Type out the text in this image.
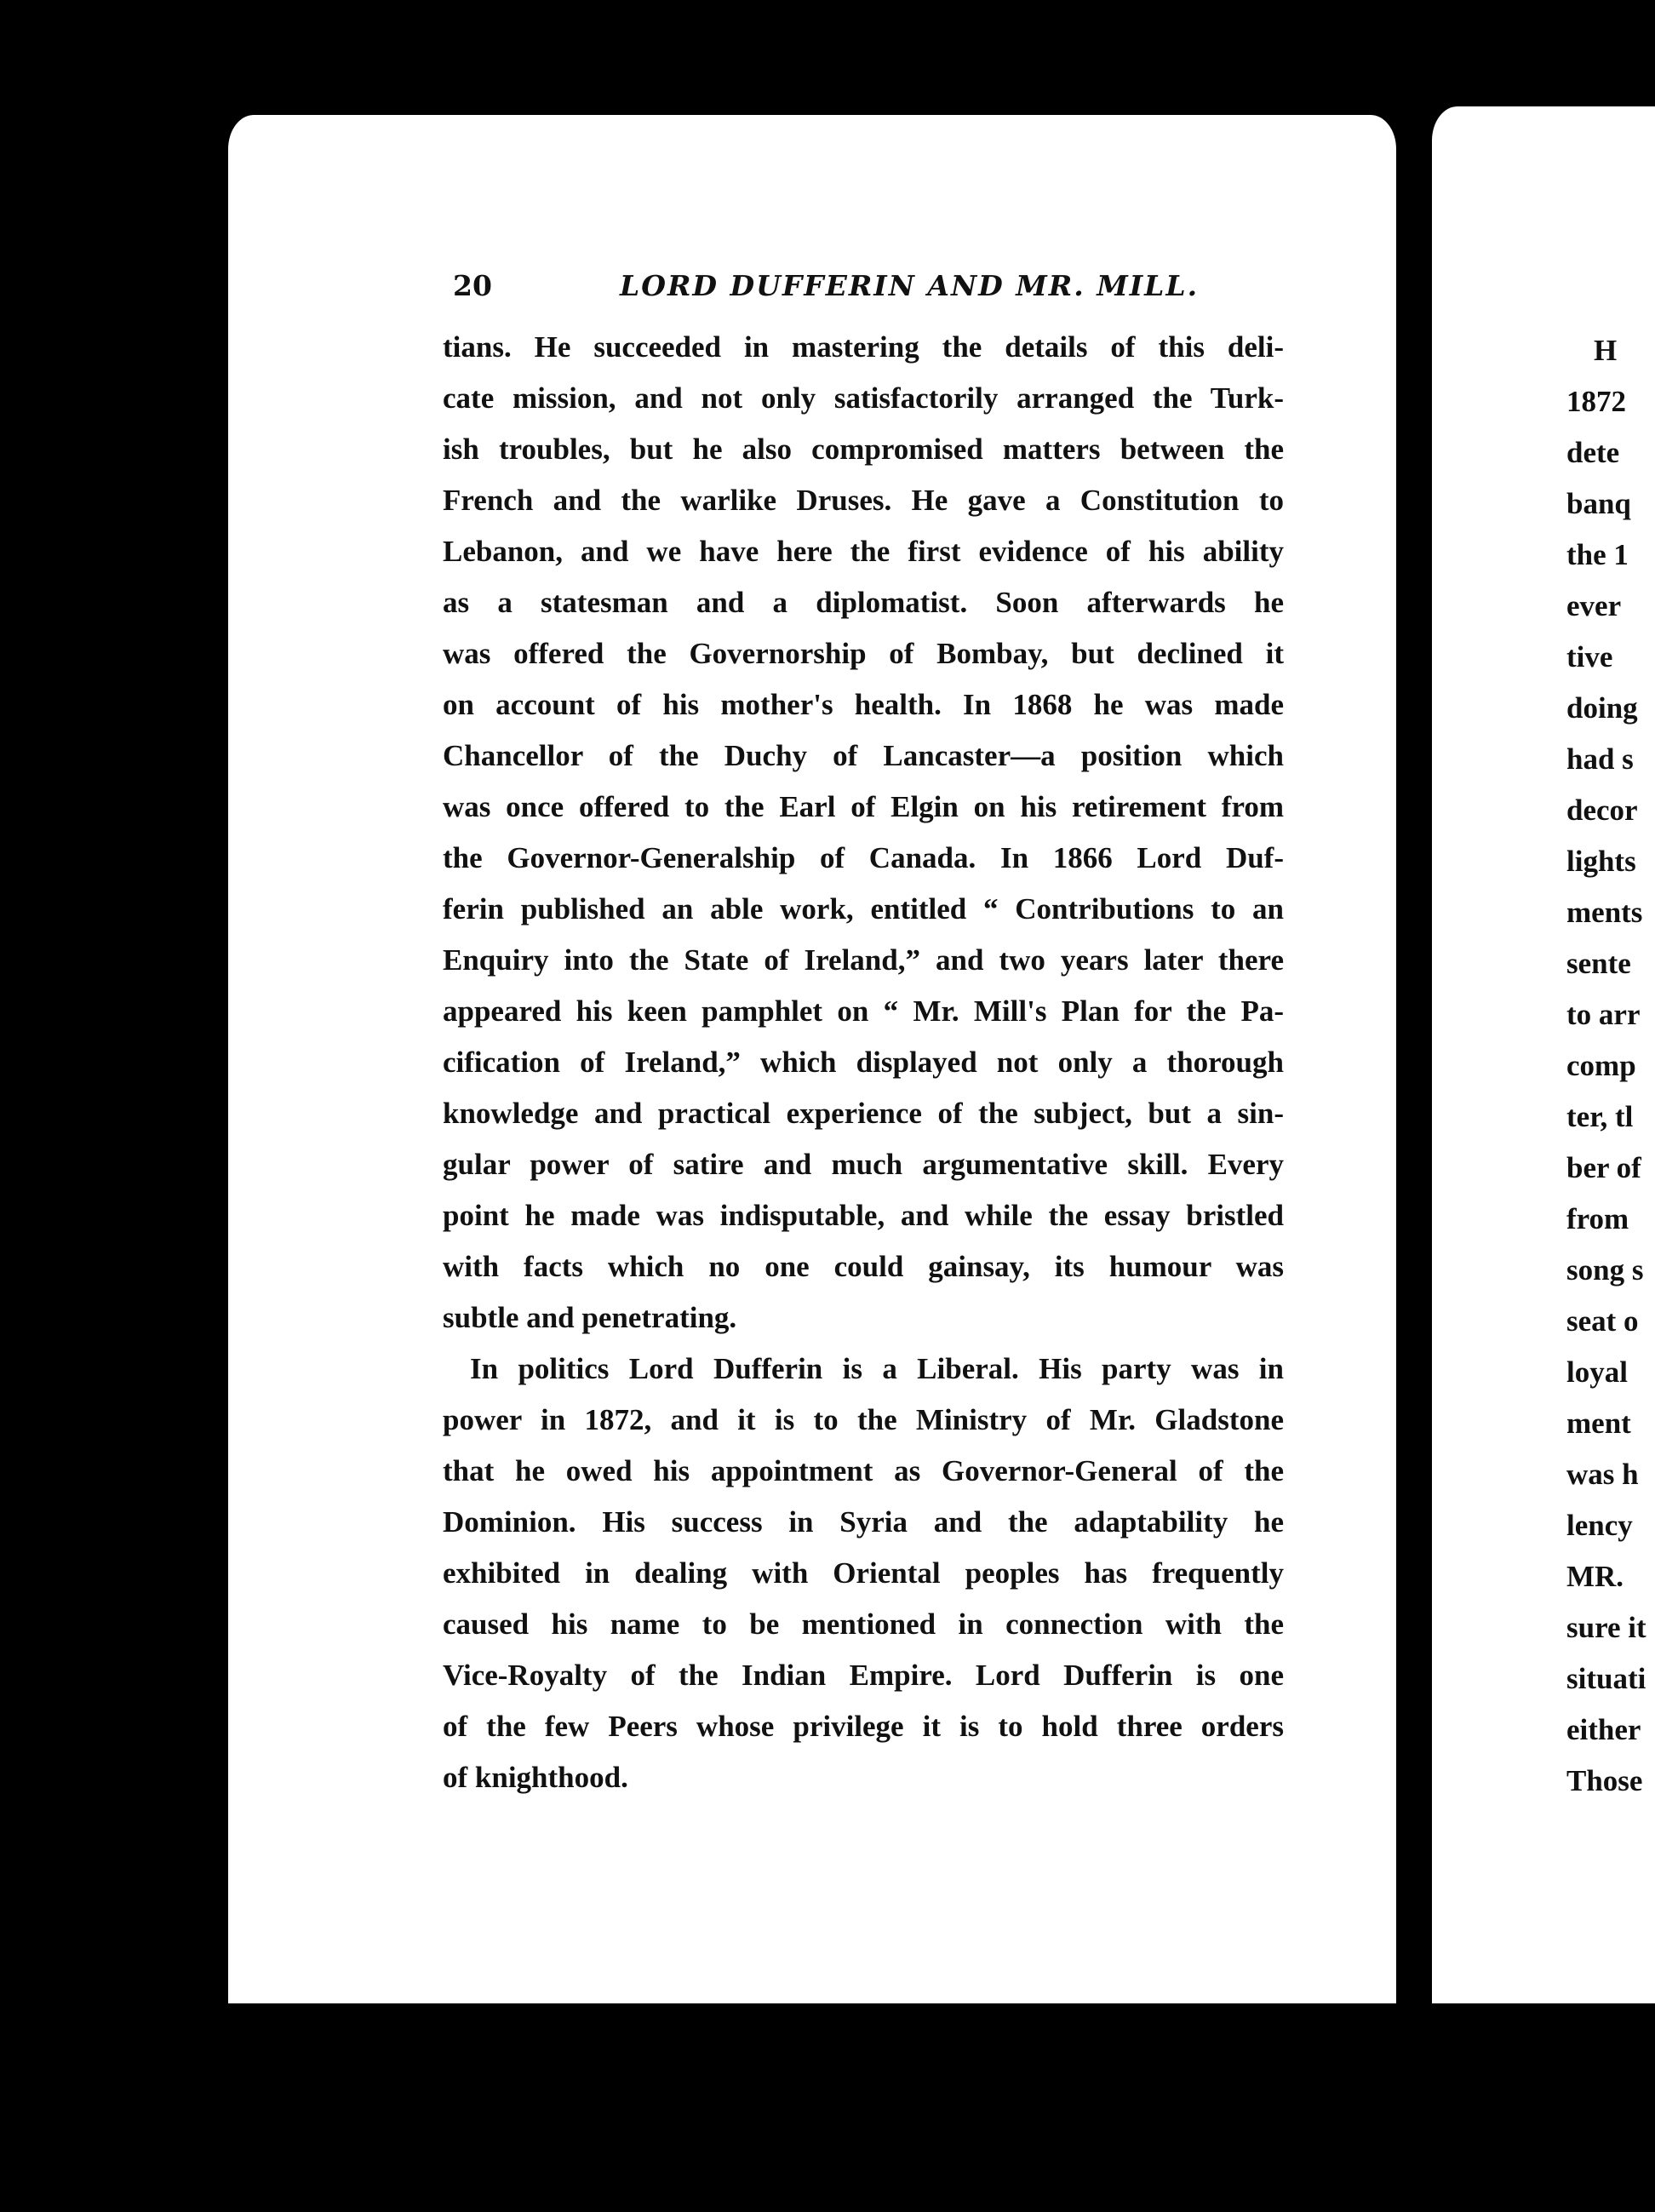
20	LORD DUFFERIN AND MR. MILL.
tians. He succeeded in mastering the details of this deli-
cate mission, and not only satisfactorily arranged the Turk-
ish troubles, but he also compromised matters between the
French and the warlike Druses. He gave a Constitution to
Lebanon, and we have here the first evidence of his ability
as a statesman and a diplomatist. Soon afterwards he
was offered the Governorship of Bombay, but declined it
on account of his mother's health. In 1868 he was made
Chancellor of the Duchy of Lancaster—a position which
was once offered to the Earl of Elgin on his retirement from
the Governor-Generalship of Canada. In 1866 Lord Duf-
ferin published an able work, entitled “ Contributions to an
Enquiry into the State of Ireland,” and two years later there
appeared his keen pamphlet on “ Mr. Mill's Plan for the Pa-
cification of Ireland,” which displayed not only a thorough
knowledge and practical experience of the subject, but a sin-
gular power of satire and much argumentative skill. Every
point he made was indisputable, and while the essay bristled
with facts which no one could gainsay, its humour was
subtle and penetrating.
In politics Lord Dufferin is a Liberal. His party was in
power in 1872, and it is to the Ministry of Mr. Gladstone
that he owed his appointment as Governor-General of the
Dominion. His success in Syria and the adaptability he
exhibited in dealing with Oriental peoples has frequently
caused his name to be mentioned in connection with the
Vice-Royalty of the Indian Empire. Lord Dufferin is one
of the few Peers whose privilege it is to hold three orders
of knighthood.
H
1872
dete
banq
the 1
ever
tive
doing
had s
decor
lights
ments
sente
to arr
comp
ter, tl
ber of
from
song s
seat o
loyal
ment
was h
lency
MR.
sure it
situati
either
Those
